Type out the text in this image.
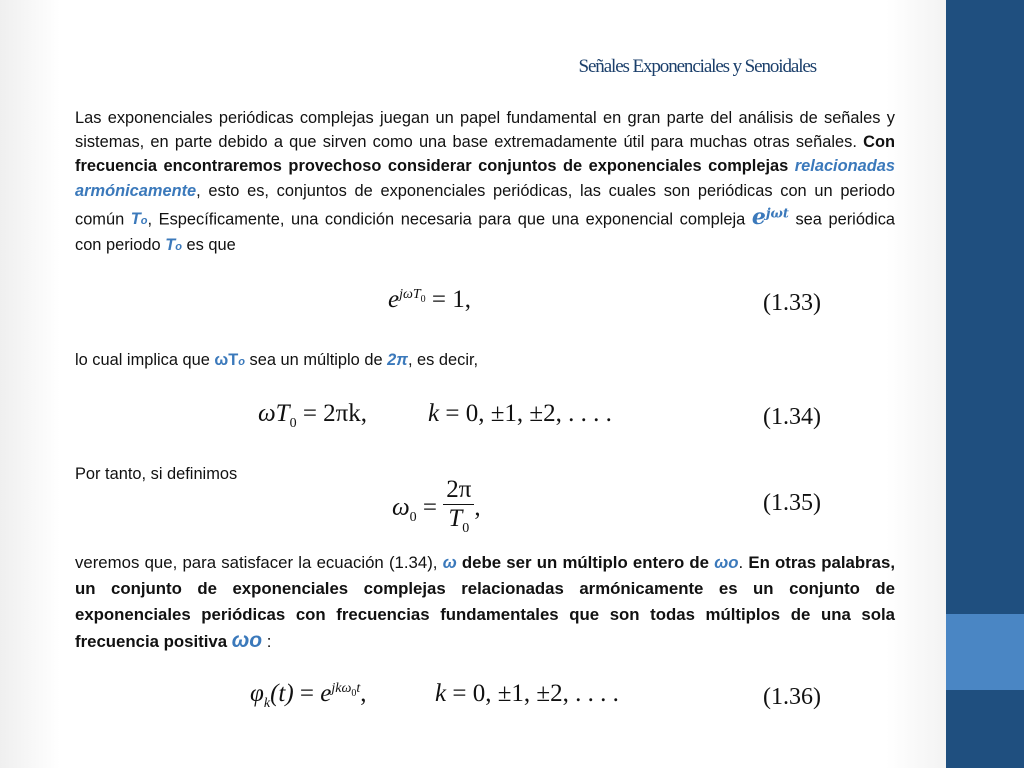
Señales Exponenciales y Senoidales
Las exponenciales periódicas complejas juegan un papel fundamental en gran parte del análisis de señales y sistemas, en parte debido a que sirven como una base extremadamente útil para muchas otras señales. Con frecuencia encontraremos provechoso considerar conjuntos de exponenciales complejas relacionadas armónicamente, esto es, conjuntos de exponenciales periódicas, las cuales son periódicas con un periodo común To, Específicamente, una condición necesaria para que una exponencial compleja $e^{j\omega t}$ sea periódica con periodo To es que
$e^{j\omega T_0} = 1$,	(1.33)
lo cual implica que ωTo sea un múltiplo de 2π, es decir,
$\omega T_0 = 2\pi k$, k = 0, ±1, ±2, . . . .	(1.34)
Por tanto, si definimos
$\omega_0 = \frac{2\pi}{T_0}$ ,	(1.35)
veremos que, para satisfacer la ecuación (1.34), ω debe ser un múltiplo entero de ωo. En otras palabras, un conjunto de exponenciales complejas relacionadas armónicamente es un conjunto de exponenciales periódicas con frecuencias fundamentales que son todas múltiplos de una sola frecuencia positiva ωo :
$\varphi_k(t) = e^{jk\omega_0t}$,	k = 0, ±1, ±2, . . . .	(1.36)
